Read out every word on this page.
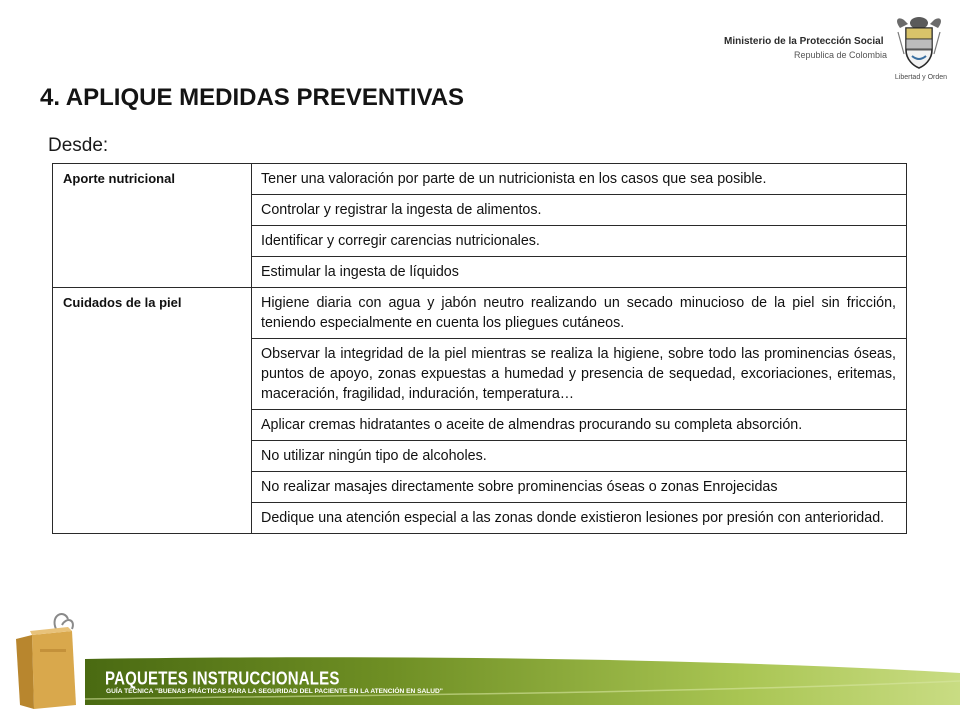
Ministerio de la Protección Social
Republica de Colombia
Libertad y Orden
4. APLIQUE MEDIDAS PREVENTIVAS
Desde:
Aporte nutricional	Tener una valoración por parte de un nutricionista en los casos que sea posible.
	Controlar y registrar la ingesta de alimentos.
	Identificar y corregir carencias nutricionales.
	Estimular la ingesta de líquidos
Cuidados de la piel	Higiene diaria con agua y jabón neutro realizando un secado minucioso de la piel sin fricción, teniendo especialmente en cuenta los pliegues cutáneos.
	Observar la integridad de la piel mientras se realiza la higiene, sobre todo las prominencias óseas, puntos de apoyo, zonas expuestas a humedad y presencia de sequedad, excoriaciones, eritemas, maceración, fragilidad, induración, temperatura…
	Aplicar cremas hidratantes o aceite de almendras procurando su completa absorción.
	No utilizar ningún tipo de alcoholes.
	No realizar masajes directamente sobre prominencias óseas o zonas Enrojecidas
	Dedique una atención especial a las zonas donde existieron lesiones por presión con anterioridad.
PAQUETES INSTRUCCIONALES
GUÍA TÉCNICA "BUENAS PRÁCTICAS PARA LA SEGURIDAD DEL PACIENTE EN LA ATENCIÓN EN SALUD"
